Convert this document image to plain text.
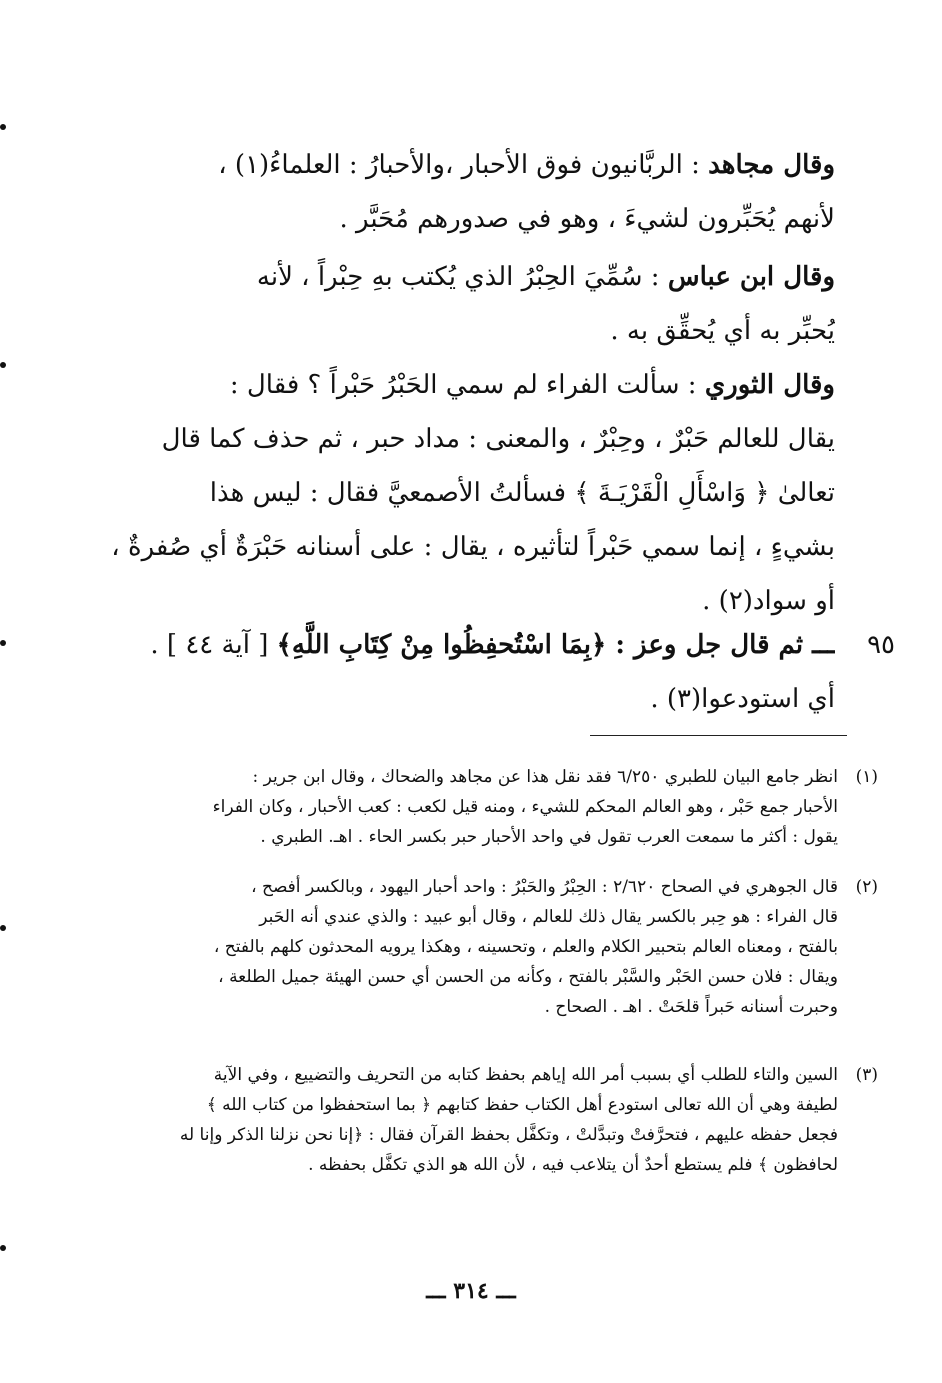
وقال مجاهد : الربَّانيون فوق الأحبار ،والأحبارُ : العلماءُ(١) ،
لأنهم يُحَبِّرون لشيءَ ، وهو في صدورهم مُحَبَّر .
وقال ابن عباس : سُمِّيَ الحِبْرُ الذي يُكتب بهِ حِبْراً ، لأنه
يُحبِّر به أي يُحقِّق به .
وقال الثوري : سألت الفراء لم سمي الحَبْرُ حَبْراً ؟ فقال :
يقال للعالم حَبْرٌ ، وحِبْرٌ ، والمعنى : مداد حبر ، ثم حذف كما قال
تعالىٰ ﴿ وَاسْأَلِ الْقَرْيَـةَ ﴾ فسألتُ الأصمعيَّ فقال : ليس هذا
بشيءٍ ، إنما سمي حَبْراً لتأثيره ، يقال : على أسنانه حَبْرَةٌ أي صُفرةٌ ،
أو سواد(٢) .
٩٥
ـــ ثم قال جل وعز : ﴿بِمَا اسْتُحفِظُوا مِنْ كِتَابِ اللَّهِ﴾ [ آية ٤٤ ] .
أي استودعوا(٣) .
(١)
انظر جامع البيان للطبري ٦/٢٥٠ فقد نقل هذا عن مجاهد والضحاك ، وقال ابن جرير :
الأحبار جمع حَبْر ، وهو العالم المحكم للشيء ، ومنه قيل لكعب : كعب الأحبار ، وكان الفراء
يقول : أكثر ما سمعت العرب تقول في واحد الأحبار حبر بكسر الحاء . اهـ. الطبري .
(٢)
قال الجوهري في الصحاح ٢/٦٢٠ : الحِبْرُ والحَبْرُ : واحد أحبار اليهود ، وبالكسر أفصح ،
قال الفراء : هو حِبر بالكسر يقال ذلك للعالم ، وقال أبو عبيد : والذي عندي أنه الحَبر
بالفتح ، ومعناه العالم بتحبير الكلام والعلم ، وتحسينه ، وهكذا يرويه المحدثون كلهم بالفتح ،
ويقال : فلان حسن الحَبْر والسَّبْر بالفتح ، وكأنه من الحسن أي حسن الهيئة جميل الطلعة ،
وحبرت أسنانه حَبراً قلحَتْ . اهـ . الصحاح .
(٣)
السين والتاء للطلب أي بسبب أمر الله إياهم بحفظ كتابه من التحريف والتضييع ، وفي الآية
لطيفة وهي أن الله تعالى استودع أهل الكتاب حفظ كتابهم ﴿ بما استحفظوا من كتاب الله ﴾
فجعل حفظه عليهم ، فتحرَّفتْ وتبدَّلتْ ، وتكفَّل بحفظ القرآن فقال : ﴿إنا نحن نزلنا الذكر وإنا له
لحافظون ﴾ فلم يستطع أحدٌ أن يتلاعب فيه ، لأن الله هو الذي تكفَّل بحفظه .
ـــ ٣١٤ ـــ
